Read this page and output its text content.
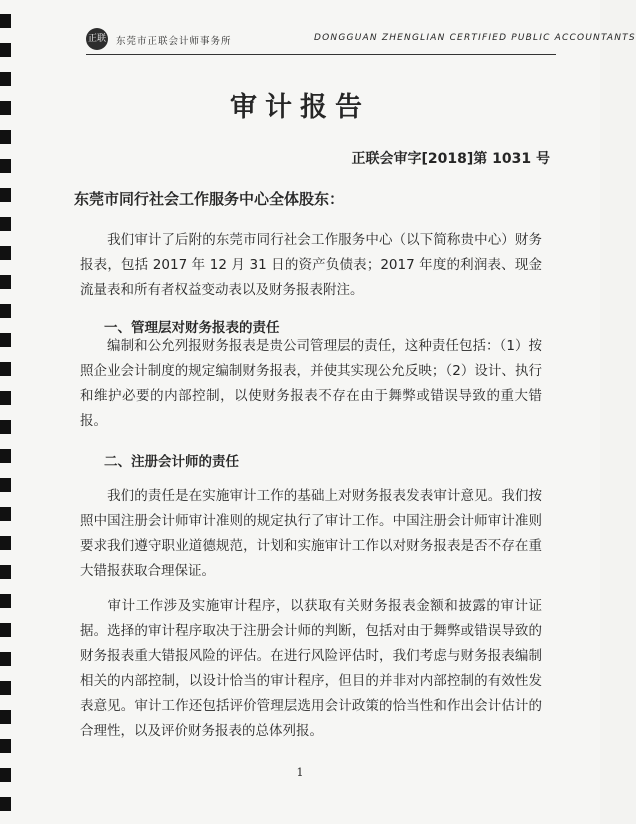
正联 东莞市正联会计师事务所	DONGGUAN ZHENGLIAN CERTIFIED PUBLIC ACCOUNTANTS
审计报告
正联会审字[2018]第 1031 号
东莞市同行社会工作服务中心全体股东：
我们审计了后附的东莞市同行社会工作服务中心（以下简称贵中心）财务报表，包括 2017 年 12 月 31 日的资产负债表；2017 年度的利润表、现金流量表和所有者权益变动表以及财务报表附注。
一、管理层对财务报表的责任
编制和公允列报财务报表是贵公司管理层的责任，这种责任包括：（1）按照企业会计制度的规定编制财务报表，并使其实现公允反映；（2）设计、执行和维护必要的内部控制，以使财务报表不存在由于舞弊或错误导致的重大错报。
二、注册会计师的责任
我们的责任是在实施审计工作的基础上对财务报表发表审计意见。我们按照中国注册会计师审计准则的规定执行了审计工作。中国注册会计师审计准则要求我们遵守职业道德规范，计划和实施审计工作以对财务报表是否不存在重大错报获取合理保证。
审计工作涉及实施审计程序，以获取有关财务报表金额和披露的审计证据。选择的审计程序取决于注册会计师的判断，包括对由于舞弊或错误导致的财务报表重大错报风险的评估。在进行风险评估时，我们考虑与财务报表编制相关的内部控制，以设计恰当的审计程序，但目的并非对内部控制的有效性发表意见。审计工作还包括评价管理层选用会计政策的恰当性和作出会计估计的合理性，以及评价财务报表的总体列报。
1
